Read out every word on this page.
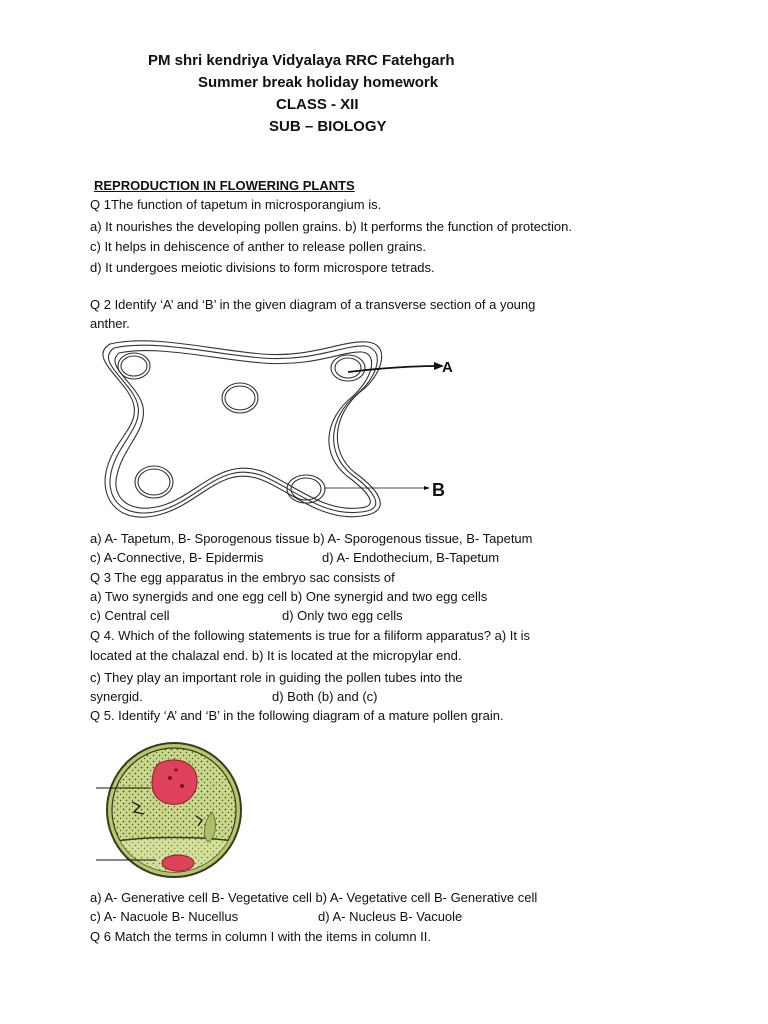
PM shri kendriya Vidyalaya RRC Fatehgarh
Summer break holiday homework
CLASS - XII
SUB – BIOLOGY
REPRODUCTION IN FLOWERING PLANTS
Q 1The function of tapetum in microsporangium is.
a) It nourishes the developing pollen grains. b) It performs the function of protection.
c) It helps in dehiscence of anther to release pollen grains.
d) It undergoes meiotic divisions to form microspore tetrads.
Q 2 Identify ‘A’ and ‘B’ in the given diagram of a transverse section of a young
anther.
A
B
a) A- Tapetum, B- Sporogenous tissue b) A- Sporogenous tissue, B- Tapetum
c) A-Connective, B- Epidermis	d) A- Endothecium, B-Tapetum
Q 3 The egg apparatus in the embryo sac consists of
a) Two synergids and one egg cell b) One synergid and two egg cells
c) Central cell	d) Only two egg cells
Q 4. Which of the following statements is true for a filiform apparatus? a) It is
located at the chalazal end. b) It is located at the micropylar end.
c) They play an important role in guiding the pollen tubes into the
synergid.	d) Both (b) and (c)
Q 5. Identify ‘A’ and ‘B’ in the following diagram of a mature pollen grain.
a) A- Generative cell B- Vegetative cell b) A- Vegetative cell B- Generative cell
c) A- Nacuole B- Nucellus	d) A- Nucleus B- Vacuole
Q 6 Match the terms in column I with the items in column II.
